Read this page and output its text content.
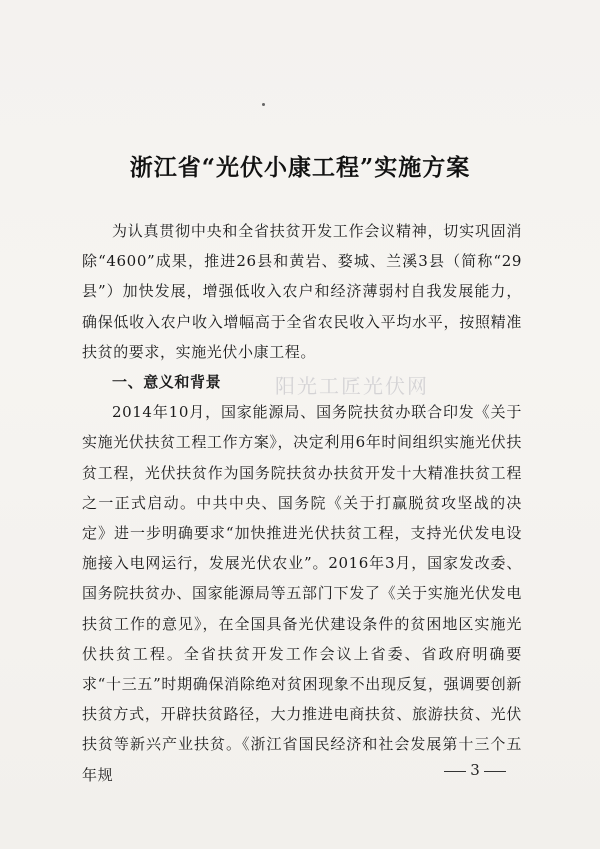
浙江省“光伏小康工程”实施方案

为认真贯彻中央和全省扶贫开发工作会议精神，切实巩固消除“4600”成果，推进26县和黄岩、婺城、兰溪3县（简称“29县”）加快发展，增强低收入农户和经济薄弱村自我发展能力，确保低收入农户收入增幅高于全省农民收入平均水平，按照精准扶贫的要求，实施光伏小康工程。

一、意义和背景

2014年10月，国家能源局、国务院扶贫办联合印发《关于实施光伏扶贫工程工作方案》，决定利用6年时间组织实施光伏扶贫工程，光伏扶贫作为国务院扶贫办扶贫开发十大精准扶贫工程之一正式启动。中共中央、国务院《关于打赢脱贫攻坚战的决定》进一步明确要求“加快推进光伏扶贫工程，支持光伏发电设施接入电网运行，发展光伏农业”。2016年3月，国家发改委、国务院扶贫办、国家能源局等五部门下发了《关于实施光伏发电扶贫工作的意见》，在全国具备光伏建设条件的贫困地区实施光伏扶贫工程。全省扶贫开发工作会议上省委、省政府明确要求“十三五”时期确保消除绝对贫困现象不出现反复，强调要创新扶贫方式，开辟扶贫路径，大力推进电商扶贫、旅游扶贫、光伏扶贫等新兴产业扶贫。《浙江省国民经济和社会发展第十三个五年规

阳光工匠光伏网
3
